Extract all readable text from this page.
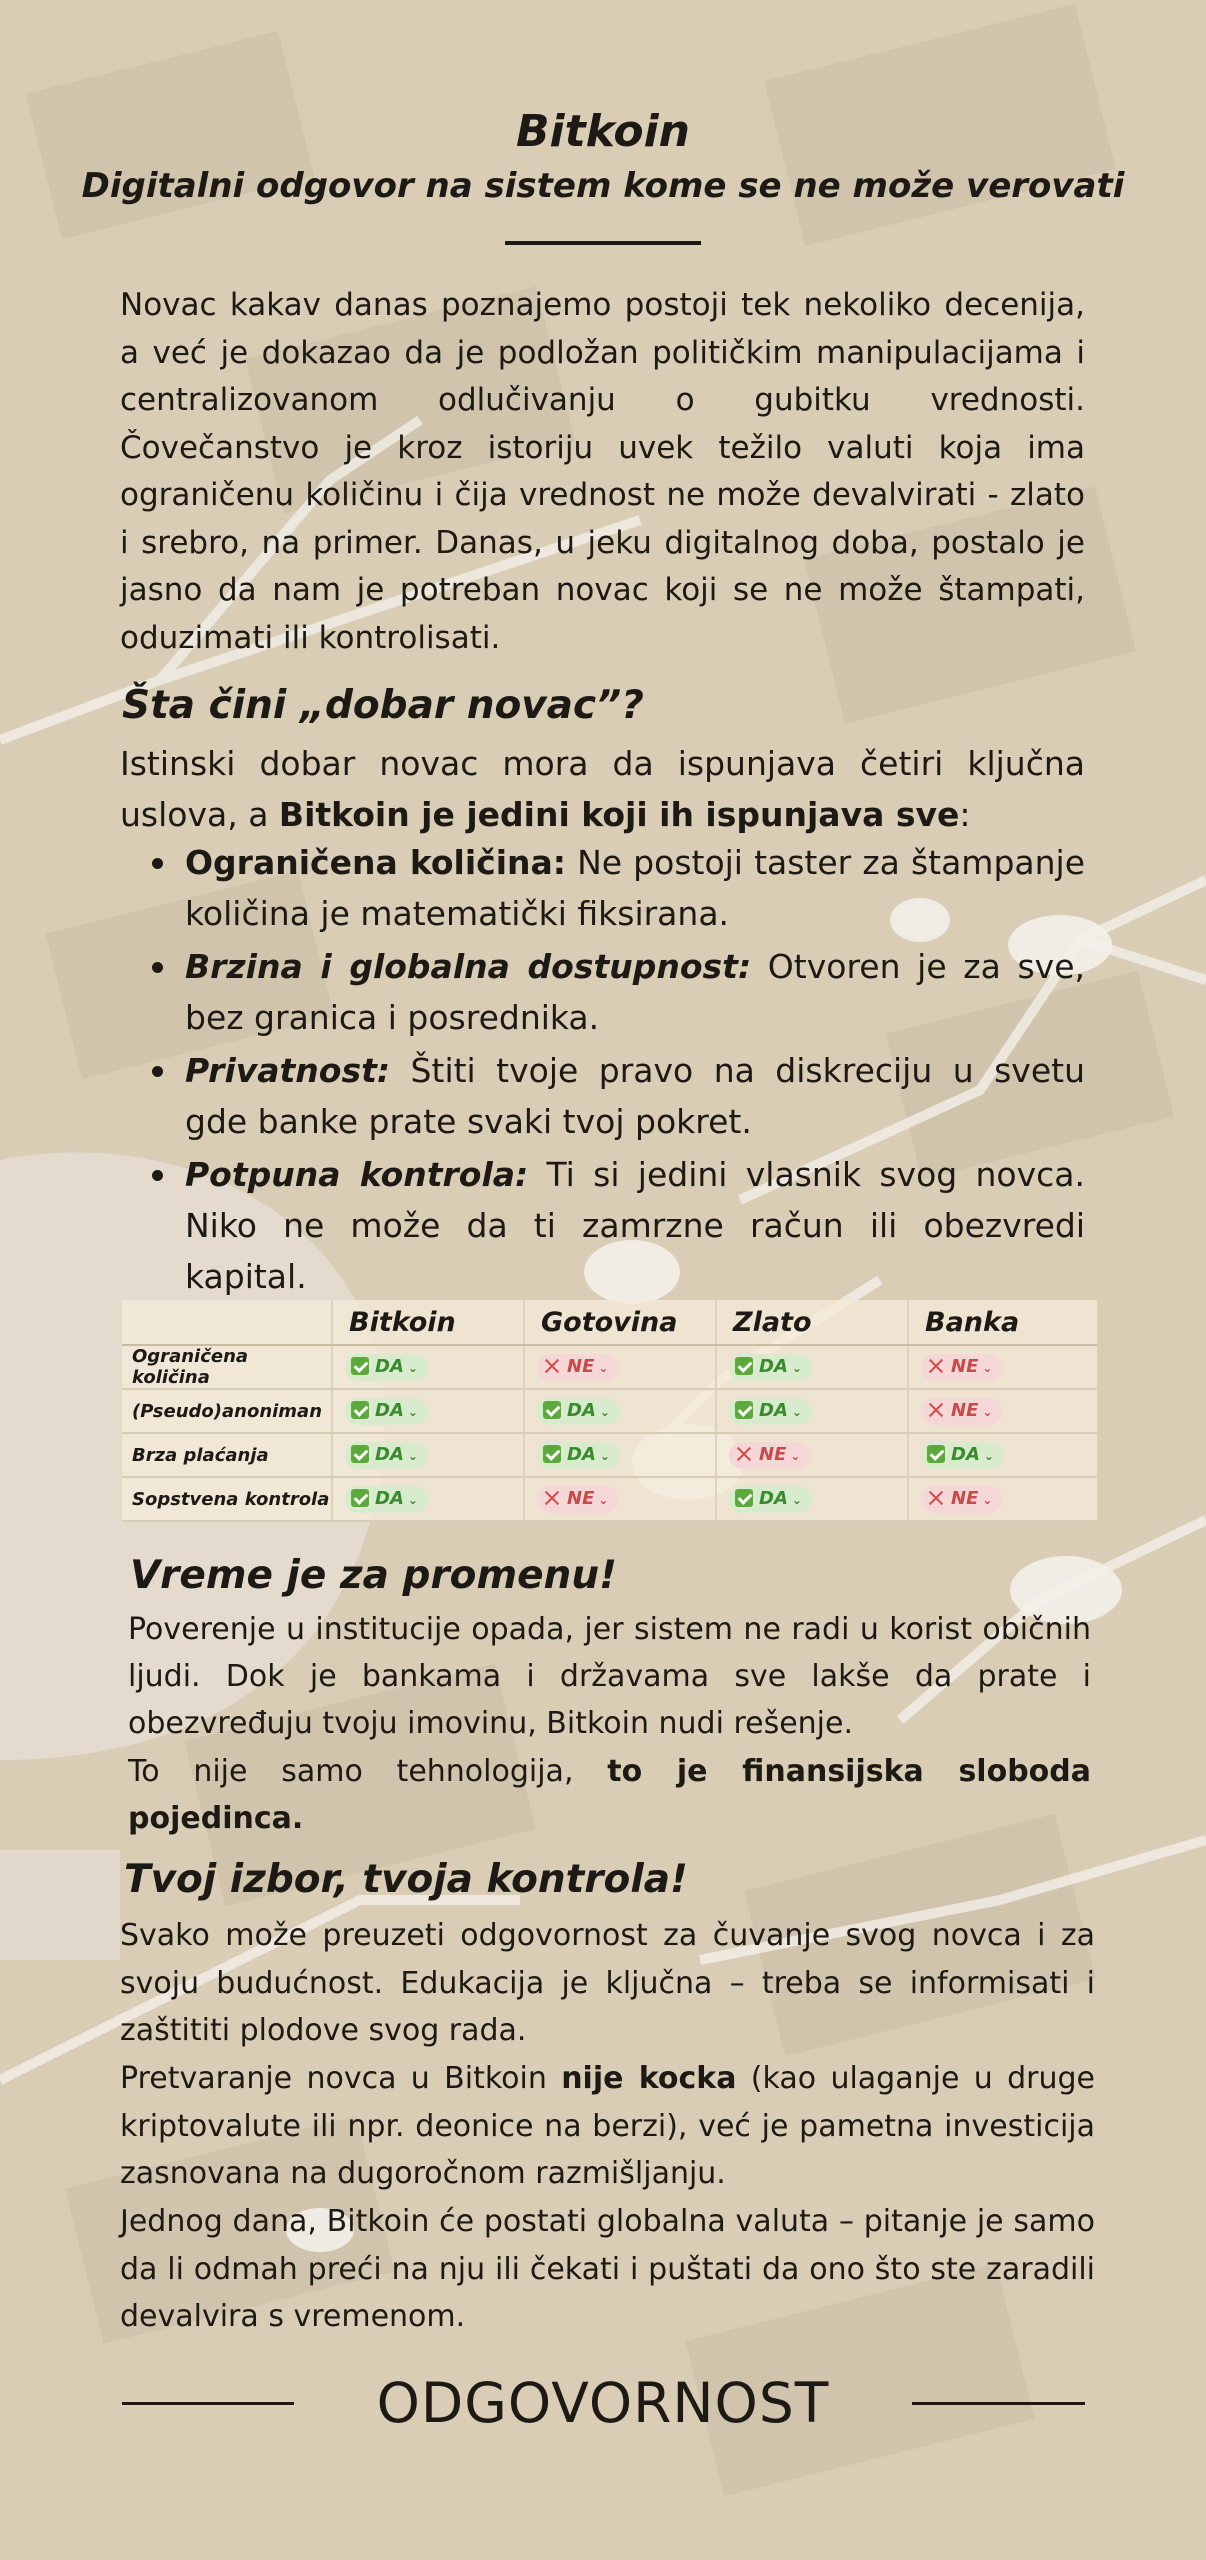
Bitkoin
Digitalni odgovor na sistem kome se ne može verovati

Novac kakav danas poznajemo postoji tek nekoliko decenija, a već je dokazao da je podložan političkim manipulacijama i centralizovanom odlučivanju o gubitku vrednosti. Čovečanstvo je kroz istoriju uvek težilo valuti koja ima ograničenu količinu i čija vrednost ne može devalvirati - zlato i srebro, na primer. Danas, u jeku digitalnog doba, postalo je jasno da nam je potreban novac koji se ne može štampati, oduzimati ili kontrolisati.

Šta čini „dobar novac”?

Istinski dobar novac mora da ispunjava četiri ključna uslova, a Bitkoin je jedini koji ih ispunjava sve:

Ograničena količina: Ne postoji taster za štampanje količina je matematički fiksirana.
Brzina i globalna dostupnost: Otvoren je za sve, bez granica i posrednika.
Privatnost: Štiti tvoje pravo na diskreciju u svetu gde banke prate svaki tvoj pokret.
Potpuna kontrola: Ti si jedini vlasnik svog novca. Niko ne može da ti zamrzne račun ili obezvredi kapital.
	Bitkoin	Gotovina	Zlato	Banka
Ograničena količina	DA ⌄	NE ⌄	DA ⌄	NE ⌄
(Pseudo)anoniman	DA ⌄	DA ⌄	DA ⌄	NE ⌄
Brza plaćanja	DA ⌄	DA ⌄	NE ⌄	DA ⌄
Sopstvena kontrola	DA ⌄	NE ⌄	DA ⌄	NE ⌄
Vreme je za promenu!

Poverenje u institucije opada, jer sistem ne radi u korist običnih ljudi. Dok je bankama i državama sve lakše da prate i obezvređuju tvoju imovinu, Bitkoin nudi rešenje.

To nije samo tehnologija, to je finansijska sloboda pojedinca.

Tvoj izbor, tvoja kontrola!

Svako može preuzeti odgovornost za čuvanje svog novca i za svoju budućnost. Edukacija je ključna – treba se informisati i zaštititi plodove svog rada.

Pretvaranje novca u Bitkoin nije kocka (kao ulaganje u druge kriptovalute ili npr. deonice na berzi), već je pametna investicija zasnovana na dugoročnom razmišljanju.

Jednog dana, Bitkoin će postati globalna valuta – pitanje je samo da li odmah preći na nju ili čekati i puštati da ono što ste zaradili devalvira s vremenom.

ODGOVORNOST
